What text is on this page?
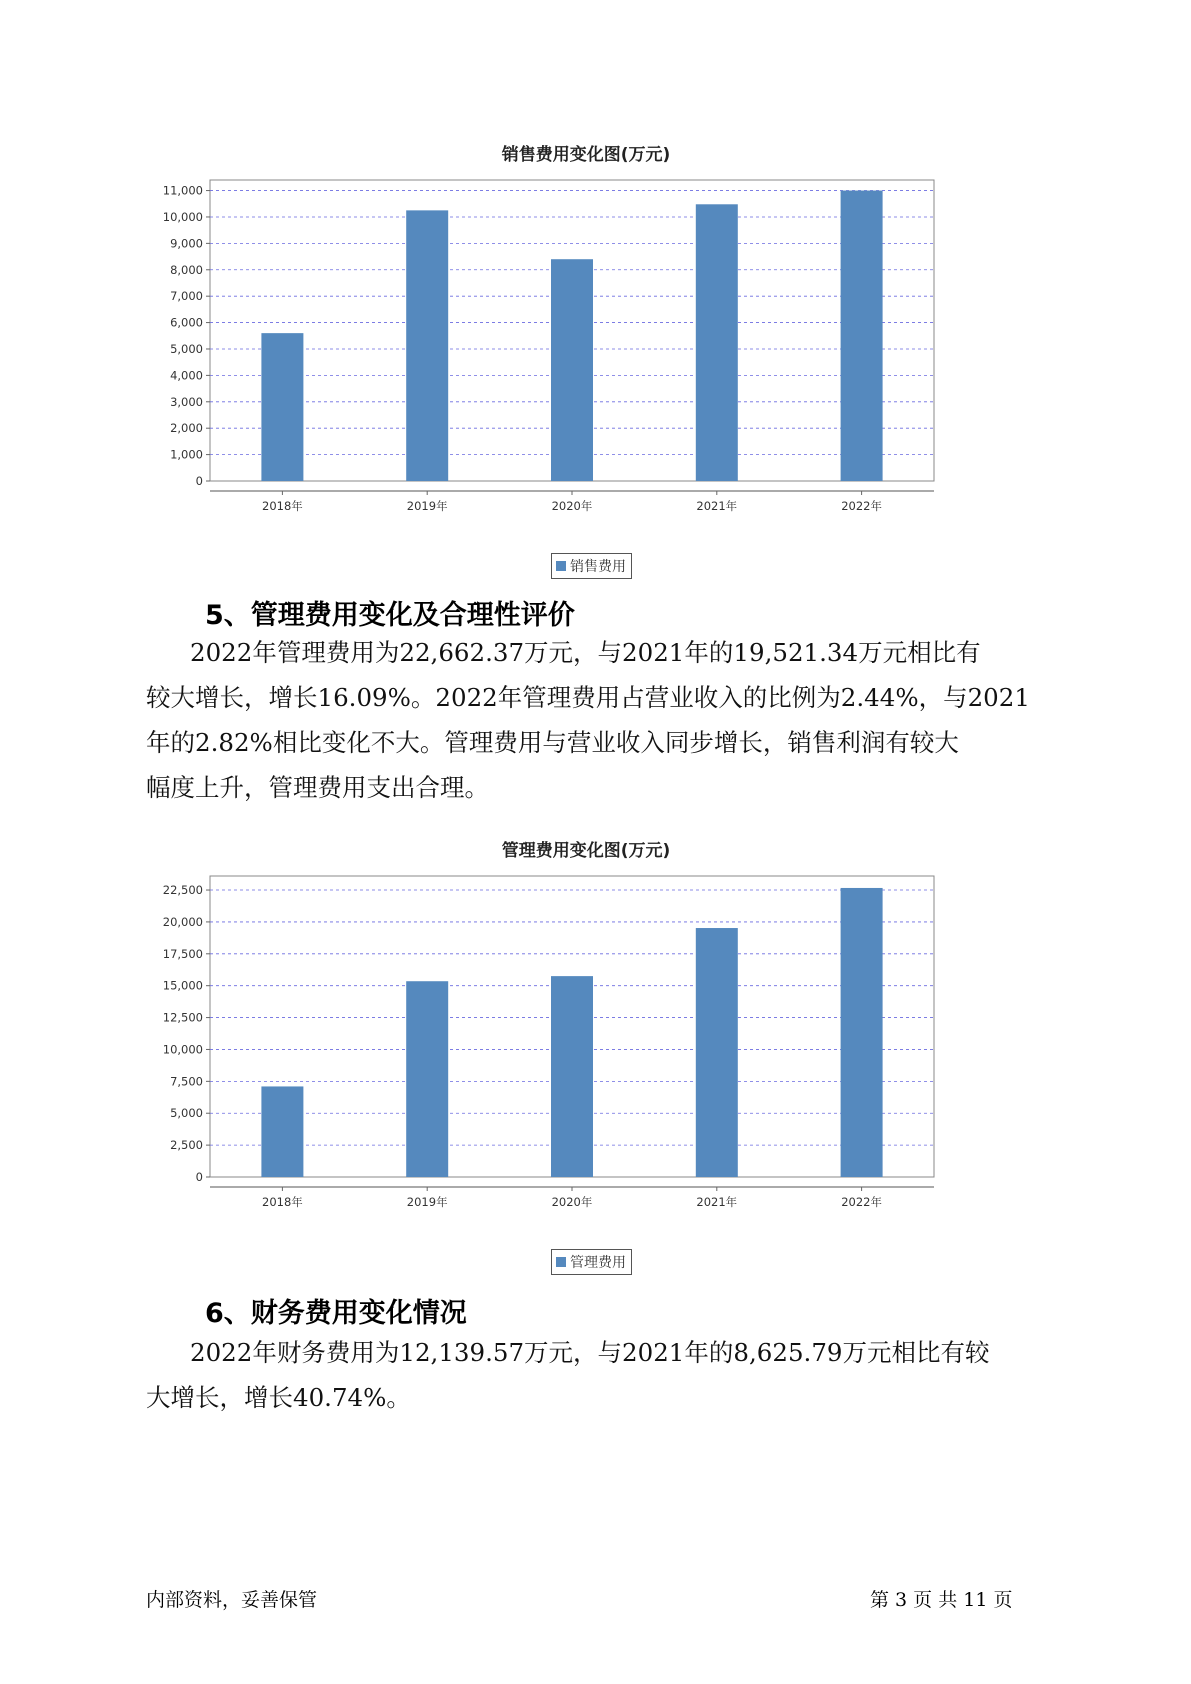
销售费用变化图(万元)
0
1,000
2,000
3,000
4,000
5,000
6,000
7,000
8,000
9,000
10,000
11,000
2018年	2019年	2020年	2021年	2022年
销售费用
5、管理费用变化及合理性评价
2022年管理费用为22,662.37万元，与2021年的19,521.34万元相比有
较大增长，增长16.09%。2022年管理费用占营业收入的比例为2.44%，与2021
年的2.82%相比变化不大。管理费用与营业收入同步增长，销售利润有较大
幅度上升，管理费用支出合理。
管理费用变化图(万元)
0
2,500
5,000
7,500
10,000
12,500
15,000
17,500
20,000
22,500
2018年	2019年	2020年	2021年	2022年
管理费用
6、财务费用变化情况
2022年财务费用为12,139.57万元，与2021年的8,625.79万元相比有较
大增长，增长40.74%。
内部资料，妥善保管	第 3 页 共 11 页
